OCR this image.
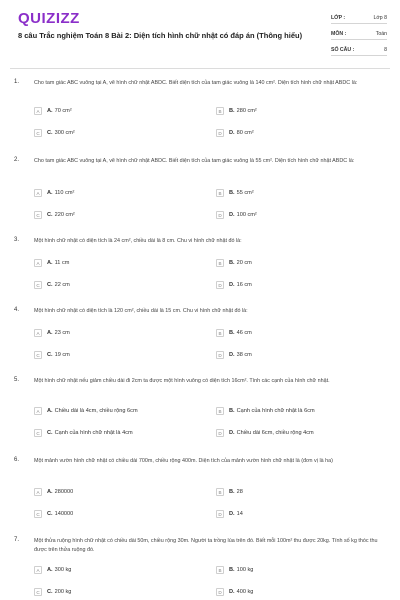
QUIZIZZ
8 câu Trắc nghiệm Toán 8 Bài 2: Diện tích hình chữ nhật có đáp án (Thông hiểu)
LỚP :	Lớp 8
MÔN :	Toán
SỐ CÂU :	8
1.	Cho tam giác ABC vuông tại A, vẽ hình chữ nhật ABDC. Biết diện tích của tam giác vuông là 140 cm². Diện tích hình chữ nhật ABDC là:
A	A. 70 cm²	B	B. 280 cm²
C	C. 300 cm²	D	D. 80 cm²
2.	Cho tam giác ABC vuông tại A, vẽ hình chữ nhật ABDC. Biết diện tích của tam giác vuông là 55 cm². Diện tích hình chữ nhật ABDC là:
A	A. 110 cm²	B	B. 55 cm²
C	C. 220 cm²	D	D. 100 cm²
3.	Một hình chữ nhật có diện tích là 24 cm², chiều dài là 8 cm. Chu vi hình chữ nhật đó là:
A	A. 11 cm	B	B. 20 cm
C	C. 22 cm	D	D. 16 cm
4.	Một hình chữ nhật có diện tích là 120 cm², chiều dài là 15 cm. Chu vi hình chữ nhật đó là:
A	A. 23 cm	B	B. 46 cm
C	C. 19 cm	D	D. 38 cm
5.	Một hình chữ nhật nếu giảm chiều dài đi 2cm ta được một hình vuông có diện tích 16cm². Tính các cạnh của hình chữ nhật.
A	A. Chiều dài là 4cm, chiều rộng 6cm	B	B. Cạnh của hình chữ nhật là 6cm
C	C. Cạnh của hình chữ nhật là 4cm	D	D. Chiều dài 6cm, chiều rộng 4cm
6.	Một mảnh vườn hình chữ nhật có chiều dài 700m, chiều rộng 400m. Diện tích của mảnh vườn hình chữ nhật là (đơn vị là ha)
A	A. 280000	B	B. 28
C	C. 140000	D	D. 14
7.	Một thửa ruộng hình chữ nhật có chiều dài 50m, chiều rộng 30m. Người ta trồng lúa trên đó. Biết mỗi 100m² thu được 20kg. Tính số kg thóc thu được trên thửa ruộng đó.
A	A. 300 kg	B	B. 100 kg
C	C. 200 kg	D	D. 400 kg
